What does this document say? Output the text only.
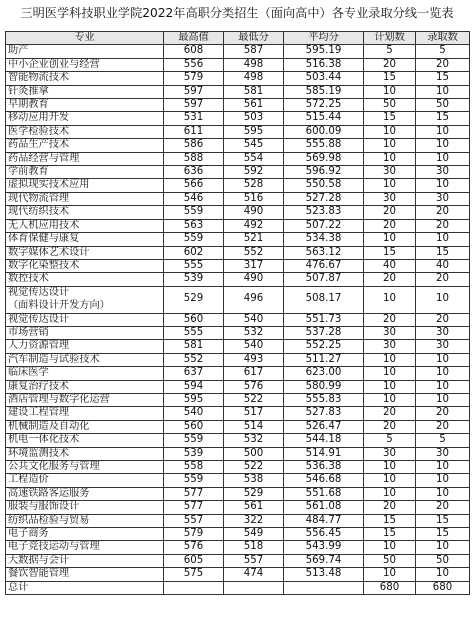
三明医学科技职业学院2022年高职分类招生（面向高中）各专业录取分线一览表
专业	最高值	最低分	平均分	计划数	录取数
助产	608	587	595.19	5	5
中小企业创业与经营	556	498	516.38	20	20
智能物流技术	579	498	503.44	15	15
针灸推拿	597	581	585.19	10	10
早期教育	597	561	572.25	50	50
移动应用开发	531	503	515.44	15	15
医学检验技术	611	595	600.09	10	10
药品生产技术	586	545	555.88	10	10
药品经营与管理	588	554	569.98	10	10
学前教育	636	592	596.92	30	30
虚拟现实技术应用	566	528	550.58	10	10
现代物流管理	546	516	527.28	30	30
现代纺织技术	559	490	523.83	20	20
无人机应用技术	563	492	507.22	20	20
体育保健与康复	559	521	534.38	10	10
数字媒体艺术设计	602	552	563.12	15	15
数字化染整技术	555	317	476.67	40	40
数控技术	539	490	507.87	20	20

视觉传达设计
（面料设计开发方向）	529	496	508.17	10	10
视觉传达设计	560	540	551.73	20	20
市场营销	555	532	537.28	30	30
人力资源管理	581	540	552.25	30	30
汽车制造与试验技术	552	493	511.27	10	10
临床医学	637	617	623.00	10	10
康复治疗技术	594	576	580.99	10	10
酒店管理与数字化运营	595	522	555.83	10	10
建设工程管理	540	517	527.83	20	20
机械制造及自动化	560	514	526.47	20	20
机电一体化技术	559	532	544.18	5	5
环境监测技术	539	500	514.91	30	30
公共文化服务与管理	558	522	536.38	10	10
工程造价	559	538	546.68	10	10
高速铁路客运服务	577	529	551.68	10	10
服装与服饰设计	577	561	561.08	20	20
纺织品检验与贸易	557	322	484.77	15	15
电子商务	579	549	556.45	15	15
电子竞技运动与管理	576	518	543.99	10	10
大数据与会计	605	557	569.74	50	50
餐饮智能管理	575	474	513.48	10	10
总计				680	680
